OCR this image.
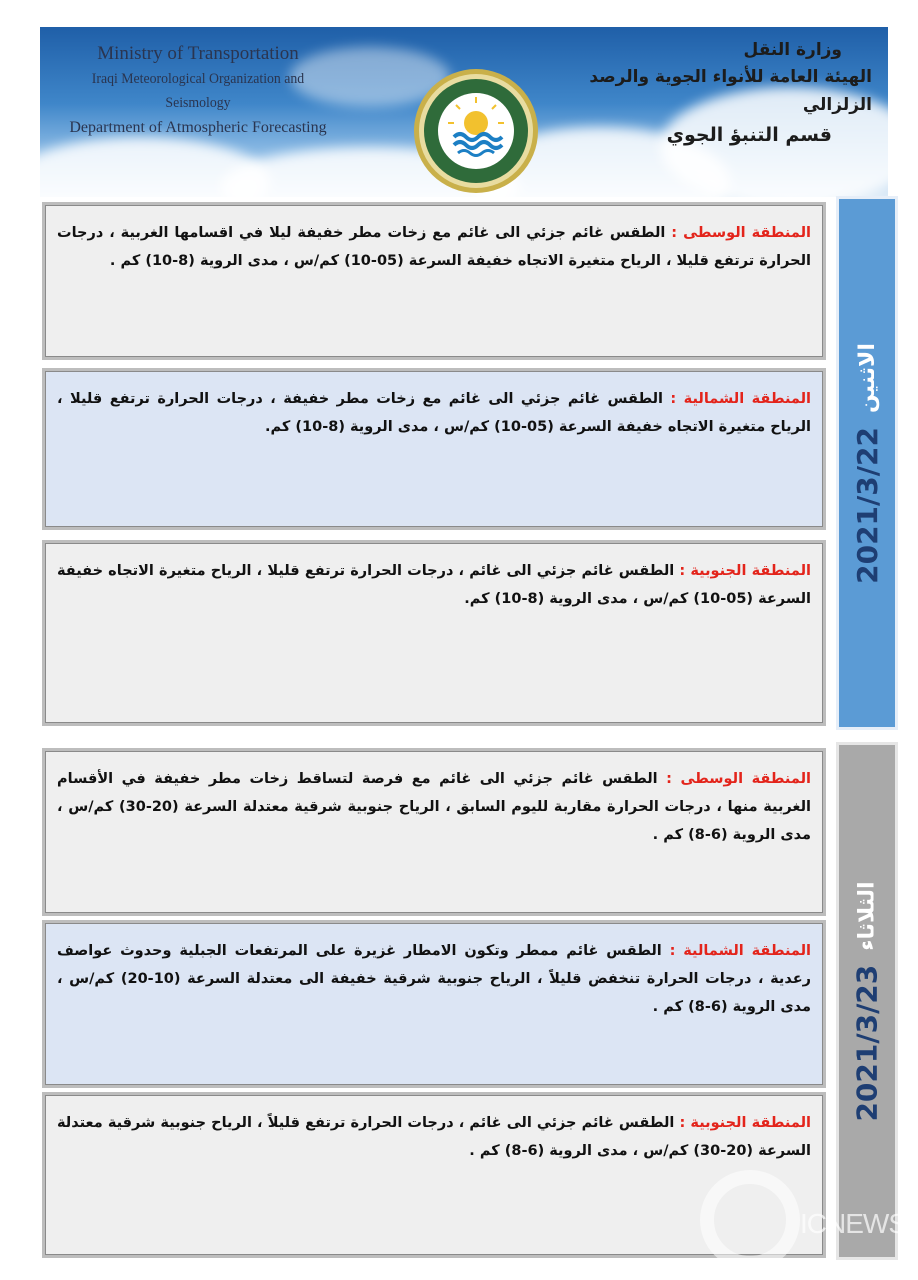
Ministry of Transportation
Iraqi Meteorological Organization and Seismology
Department of Atmospheric Forecasting
وزارة النقل
الهيئة العامة للأنواء الجوية والرصد الزلزالي
قسم التنبؤ الجوي
المنطقة الوسطى : الطقس غائم جزئي الى غائم مع زخات مطر خفيفة ليلا في اقسامها الغربية ، درجات الحرارة ترتفع قليلا ، الرياح متغيرة الاتجاه خفيفة السرعة (05-10) كم/س ، مدى الروية (8-10) كم .
المنطقة الشمالية : الطقس غائم جزئي الى غائم مع زخات مطر خفيفة ، درجات الحرارة ترتفع قليلا ، الرياح متغيرة الاتجاه خفيفة السرعة (05-10) كم/س ، مدى الروية (8-10) كم.
المنطقة الجنوبية : الطقس غائم جزئي الى غائم ، درجات الحرارة ترتفع قليلا ، الرياح متغيرة الاتجاه خفيفة السرعة (05-10) كم/س ، مدى الروية (8-10) كم.
2021/3/22
الاثنين
المنطقة الوسطى : الطقس غائم جزئي الى غائم مع فرصة لتساقط زخات مطر خفيفة في الأقسام الغربية منها ، درجات الحرارة مقاربة لليوم السابق ، الرياح جنوبية شرقية معتدلة السرعة (20-30) كم/س ، مدى الروية (6-8) كم .
المنطقة الشمالية : الطقس غائم ممطر وتكون الامطار غزيرة على المرتفعات الجبلية وحدوث عواصف رعدية ، درجات الحرارة تنخفض قليلاً ، الرياح جنوبية شرقية خفيفة الى معتدلة السرعة (10-20) كم/س ، مدى الروية (6-8) كم .
المنطقة الجنوبية : الطقس غائم جزئي الى غائم ، درجات الحرارة ترتفع قليلاً ، الرياح جنوبية شرقية معتدلة السرعة (20-30) كم/س ، مدى الروية (6-8) كم .
2021/3/23
الثلاثاء
ICNEWS
